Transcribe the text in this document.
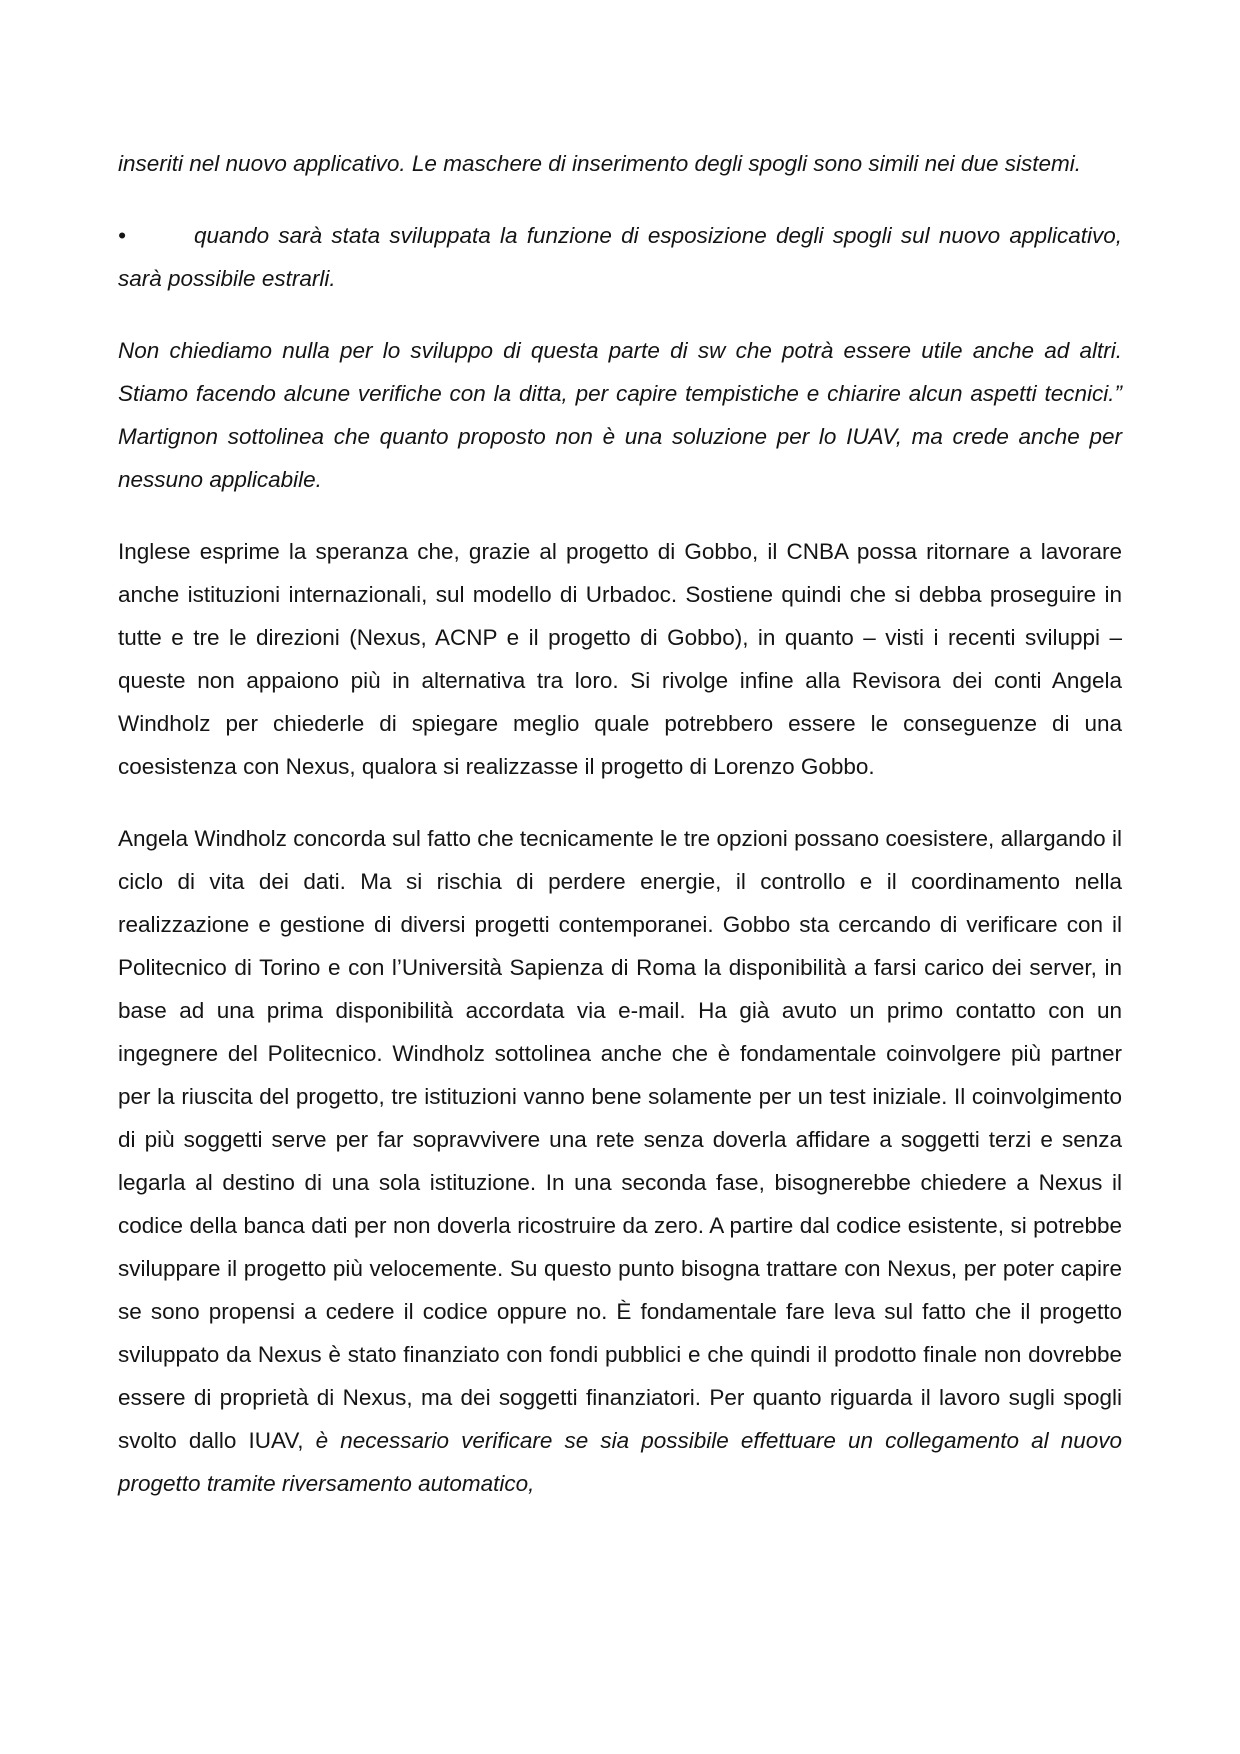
inseriti nel nuovo applicativo. Le maschere di inserimento degli spogli sono simili nei due sistemi.

•	quando sarà stata sviluppata la funzione di esposizione degli spogli sul nuovo applicativo, sarà possibile estrarli.

Non chiediamo nulla per lo sviluppo di questa parte di sw che potrà essere utile anche ad altri. Stiamo facendo alcune verifiche con la ditta, per capire tempistiche e chiarire alcun aspetti tecnici.” Martignon sottolinea che quanto proposto non è una soluzione per lo IUAV, ma crede anche per nessuno applicabile.

Inglese esprime la speranza che, grazie al progetto di Gobbo, il CNBA possa ritornare a lavorare anche istituzioni internazionali, sul modello di Urbadoc. Sostiene quindi che si debba proseguire in tutte e tre le direzioni (Nexus, ACNP e il progetto di Gobbo), in quanto – visti i recenti sviluppi – queste non appaiono più in alternativa tra loro. Si rivolge infine alla Revisora dei conti Angela Windholz per chiederle di spiegare meglio quale potrebbero essere le conseguenze di una coesistenza con Nexus, qualora si realizzasse il progetto di Lorenzo Gobbo.

Angela Windholz concorda sul fatto che tecnicamente le tre opzioni possano coesistere, allargando il ciclo di vita dei dati. Ma si rischia di perdere energie, il controllo e il coordinamento nella realizzazione e gestione di diversi progetti contemporanei. Gobbo sta cercando di verificare con il Politecnico di Torino e con l’Università Sapienza di Roma la disponibilità a farsi carico dei server, in base ad una prima disponibilità accordata via e-mail. Ha già avuto un primo contatto con un ingegnere del Politecnico. Windholz sottolinea anche che è fondamentale coinvolgere più partner per la riuscita del progetto, tre istituzioni vanno bene solamente per un test iniziale. Il coinvolgimento di più soggetti serve per far sopravvivere una rete senza doverla affidare a soggetti terzi e senza legarla al destino di una sola istituzione. In una seconda fase, bisognerebbe chiedere a Nexus il codice della banca dati per non doverla ricostruire da zero. A partire dal codice esistente, si potrebbe sviluppare il progetto più velocemente. Su questo punto bisogna trattare con Nexus, per poter capire se sono propensi a cedere il codice oppure no. È fondamentale fare leva sul fatto che il progetto sviluppato da Nexus è stato finanziato con fondi pubblici e che quindi il prodotto finale non dovrebbe essere di proprietà di Nexus, ma dei soggetti finanziatori. Per quanto riguarda il lavoro sugli spogli svolto dallo IUAV, è necessario verificare se sia possibile effettuare un collegamento al nuovo progetto tramite riversamento automatico,
